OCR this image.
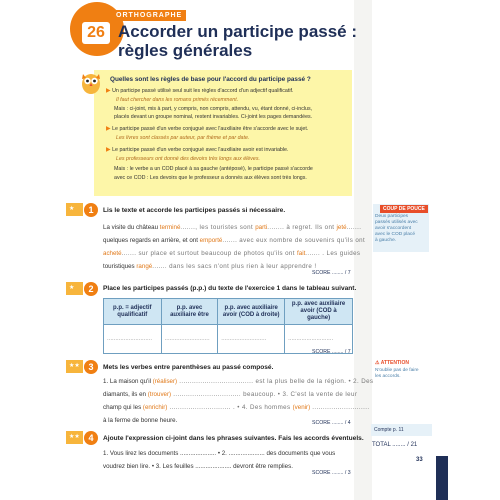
26
ORTHOGRAPHE
Accorder un participe passé :
règles générales
Quelles sont les règles de base pour l'accord du participe passé ?
▶ Un participe passé utilisé seul suit les règles d'accord d'un adjectif qualificatif.
Il faut chercher dans les romans primés récemment.
Mais : ci-joint, mis à part, y compris, non compris, attendu, vu, étant donné, ci-inclus,
placés devant un groupe nominal, restent invariables. Ci-joint les pages demandées.
▶ Le participe passé d'un verbe conjugué avec l'auxiliaire être s'accorde avec le sujet.
Les livres sont classés par auteur, par thème et par date.
▶ Le participe passé d'un verbe conjugué avec l'auxiliaire avoir est invariable.
Les professeurs ont donné des devoirs très longs aux élèves.
Mais : le verbe a un COD placé à sa gauche (antéposé), le participe passé s'accorde
avec ce COD : Les devoirs que le professeur a donnés aux élèves sont très longs.
★	1	Lis le texte et accorde les participes passés si nécessaire.
La visite du château terminé......., les touristes sont parti........ à regret. Ils ont jeté.......
quelques regards en arrière, et ont emporté....... avec eux nombre de souvenirs qu'ils ont
acheté....... sur place et surtout beaucoup de photos qu'ils ont fait....... . Les guides
touristiques rangé....... dans les sacs n'ont plus rien à leur apprendre !
SCORE ........ / 7
★	2	Place les participes passés (p.p.) du texte de l'exercice 1 dans le tableau suivant.
p.p. = adjectif qualificatif	p.p. avec auxiliaire être	p.p. avec auxiliaire avoir (COD à droite)	p.p. avec auxiliaire avoir (COD à gauche)
...........................	...........................	...........................	...........................
SCORE ........ / 7
★★ 3	Mets les verbes entre parenthèses au passé composé.
1. La maison qu'il (réaliser) ................................... est la plus belle de la région. • 2. Des
diamants, ils en (trouver) ................................ beaucoup. • 3. C'est la vente de leur
champ qui les (enrichir) ............................. . • 4. Des hommes (venir) ...........................
à la ferme de bonne heure.	SCORE ........ / 4
★★ 4	Ajoute l'expression ci-joint dans les phrases suivantes. Fais les accords éventuels.
1. Vous lirez les documents ..................... • 2. ..................... des documents que vous
voudrez bien lire. • 3. Les feuilles ..................... devront être remplies.
SCORE ........ / 3
COUP DE POUCE
Deux participes
passés utilisés avec
avoir s'accordent
avec le COD placé
à gauche.
⚠ ATTENTION
N'oublie pas de faire
les accords.
Compte p. 11
TOTAL ........ / 21
33
